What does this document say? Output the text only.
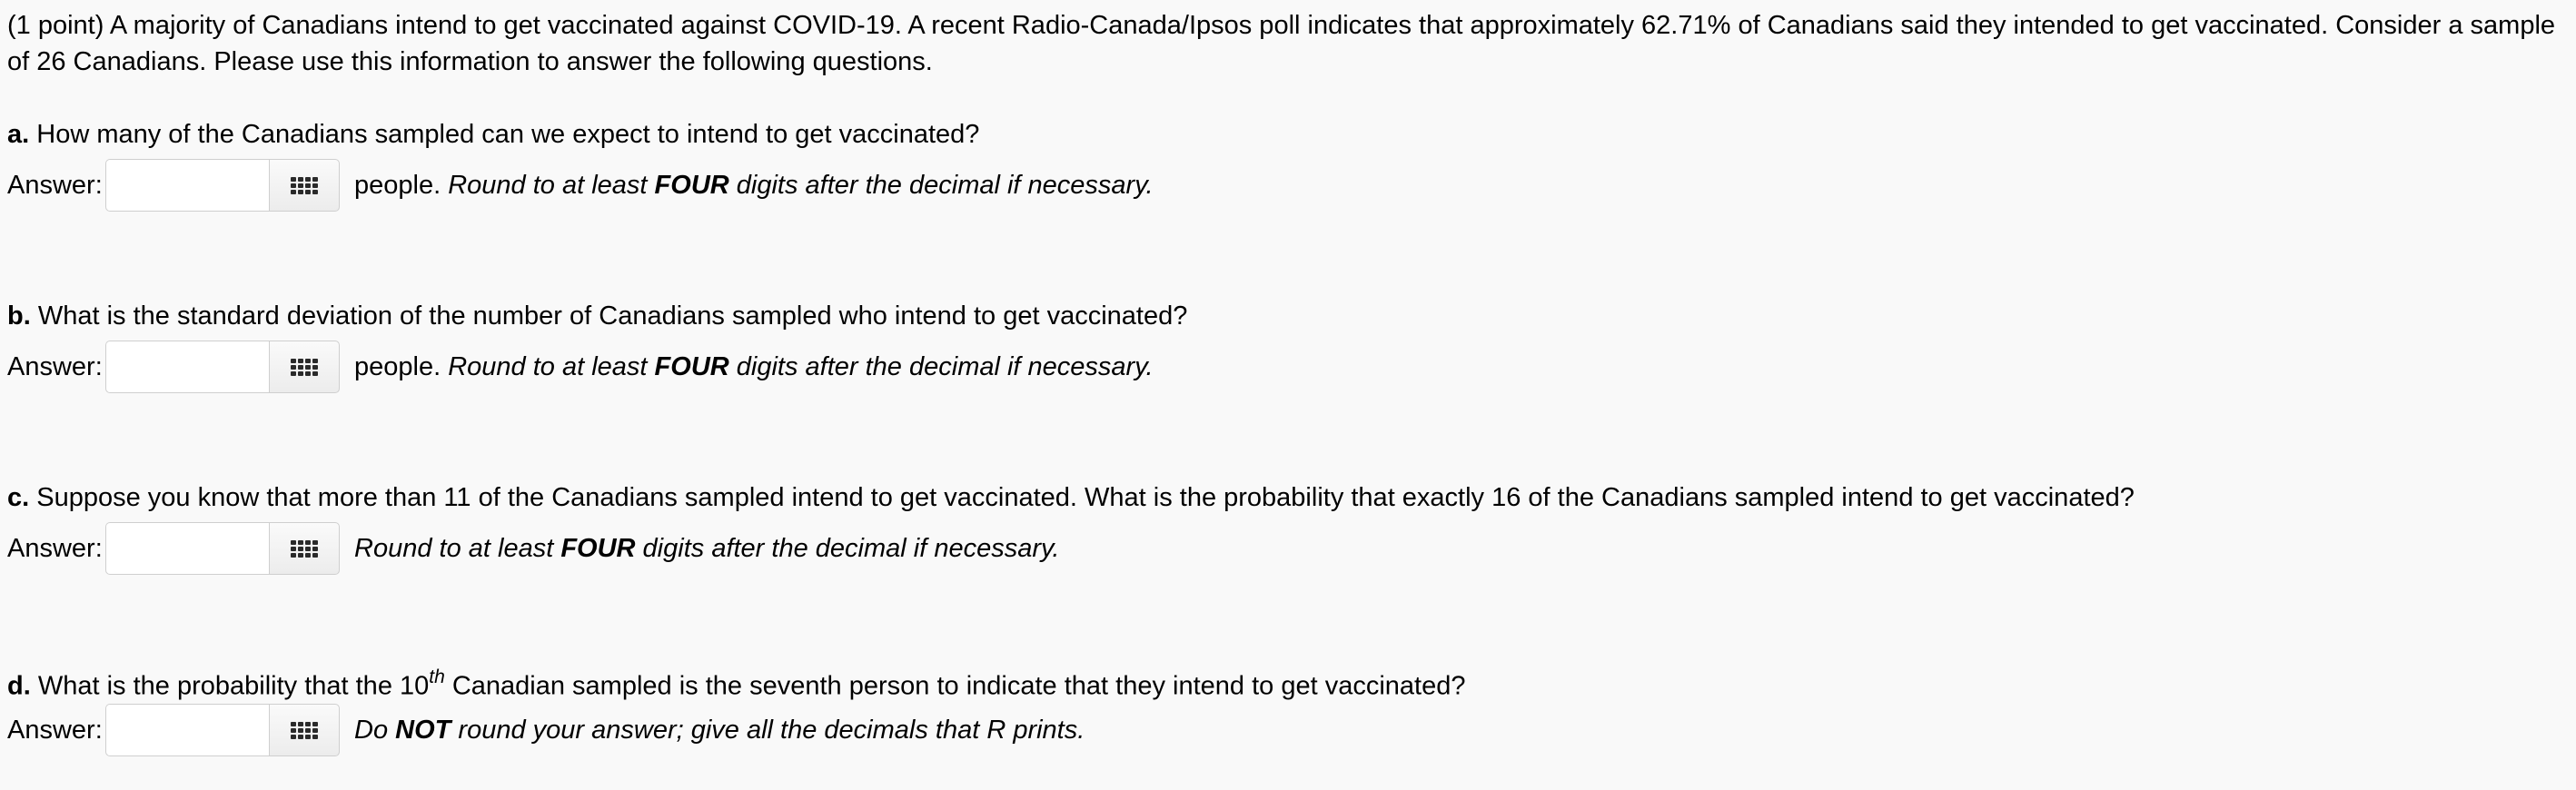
(1 point) A majority of Canadians intend to get vaccinated against COVID-19. A recent Radio-Canada/Ipsos poll indicates that approximately 62.71% of Canadians said they intended to get vaccinated. Consider a sample of 26 Canadians. Please use this information to answer the following questions.
a. How many of the Canadians sampled can we expect to intend to get vaccinated?
Answer:	people. Round to at least FOUR digits after the decimal if necessary.
b. What is the standard deviation of the number of Canadians sampled who intend to get vaccinated?
Answer:	people. Round to at least FOUR digits after the decimal if necessary.
c. Suppose you know that more than 11 of the Canadians sampled intend to get vaccinated. What is the probability that exactly 16 of the Canadians sampled intend to get vaccinated?
Answer:	Round to at least FOUR digits after the decimal if necessary.
d. What is the probability that the 10th Canadian sampled is the seventh person to indicate that they intend to get vaccinated?
Answer:	Do NOT round your answer; give all the decimals that R prints.
